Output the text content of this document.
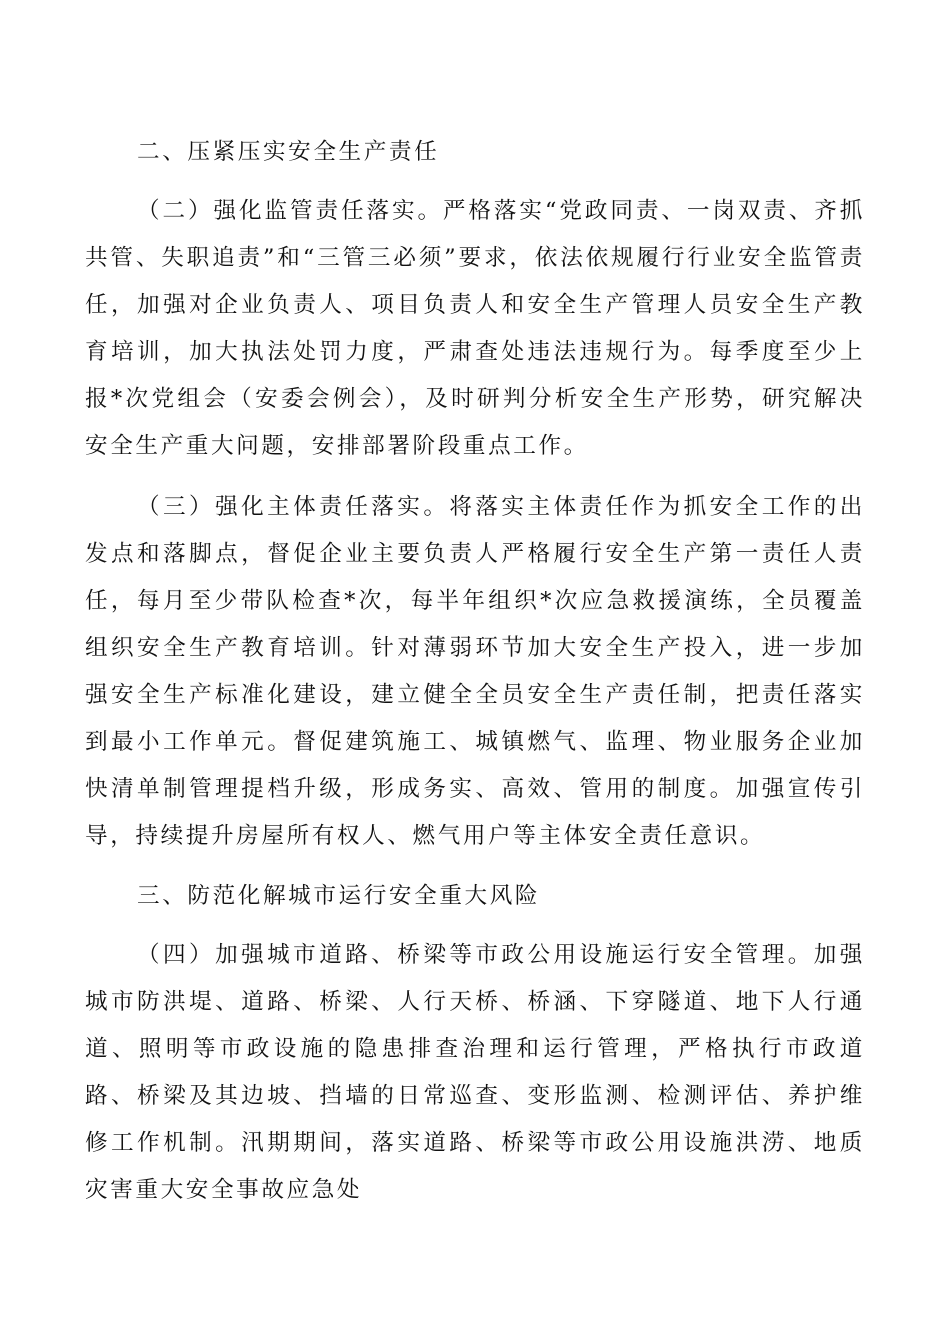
二、压紧压实安全生产责任

（二）强化监管责任落实。严格落实“党政同责、一岗双责、齐抓共管、失职追责”和“三管三必须”要求，依法依规履行行业安全监管责任，加强对企业负责人、项目负责人和安全生产管理人员安全生产教育培训，加大执法处罚力度，严肃查处违法违规行为。每季度至少上报*次党组会（安委会例会），及时研判分析安全生产形势，研究解决安全生产重大问题，安排部署阶段重点工作。

（三）强化主体责任落实。将落实主体责任作为抓安全工作的出发点和落脚点，督促企业主要负责人严格履行安全生产第一责任人责任，每月至少带队检查*次，每半年组织*次应急救援演练，全员覆盖组织安全生产教育培训。针对薄弱环节加大安全生产投入，进一步加强安全生产标准化建设，建立健全全员安全生产责任制，把责任落实到最小工作单元。督促建筑施工、城镇燃气、监理、物业服务企业加快清单制管理提档升级，形成务实、高效、管用的制度。加强宣传引导，持续提升房屋所有权人、燃气用户等主体安全责任意识。

三、防范化解城市运行安全重大风险

（四）加强城市道路、桥梁等市政公用设施运行安全管理。加强城市防洪堤、道路、桥梁、人行天桥、桥涵、下穿隧道、地下人行通道、照明等市政设施的隐患排查治理和运行管理，严格执行市政道路、桥梁及其边坡、挡墙的日常巡查、变形监测、检测评估、养护维修工作机制。汛期期间，落实道路、桥梁等市政公用设施洪涝、地质灾害重大安全事故应急处
